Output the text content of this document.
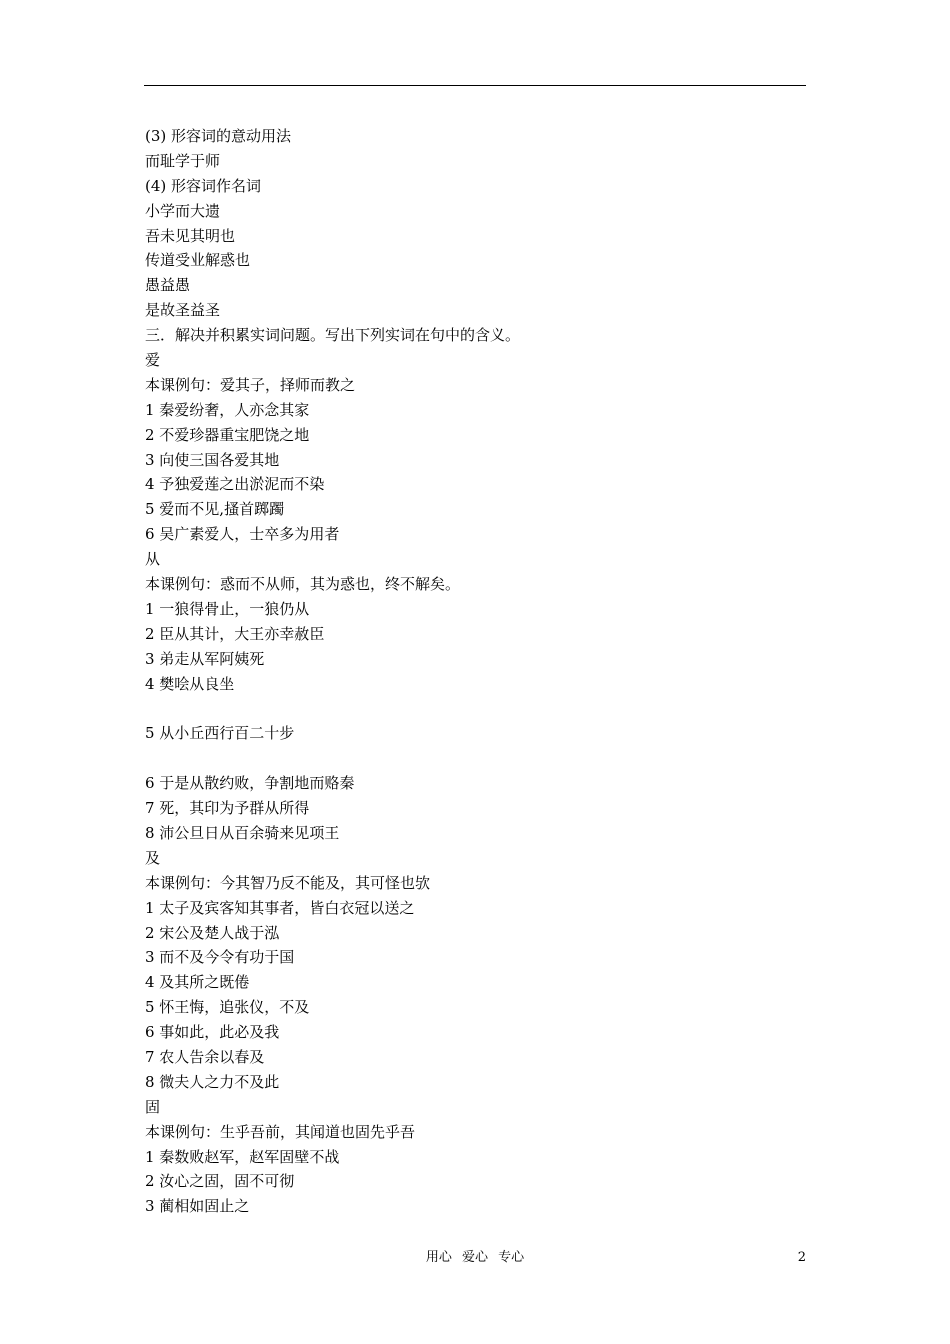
(3) 形容词的意动用法
而耻学于师
(4) 形容词作名词
小学而大遗
吾未见其明也
传道受业解惑也
愚益愚
是故圣益圣
三．解决并积累实词问题。写出下列实词在句中的含义。
爱
本课例句：爱其子，择师而教之
1 秦爱纷奢，人亦念其家
2 不爱珍器重宝肥饶之地
3 向使三国各爱其地
4 予独爱莲之出淤泥而不染
5 爱而不见,搔首踯躅
6 吴广素爱人，士卒多为用者
从
本课例句：惑而不从师，其为惑也，终不解矣。
1 一狼得骨止，一狼仍从
2 臣从其计，大王亦幸赦臣
3 弟走从军阿姨死
4 樊哙从良坐

5 从小丘西行百二十步

6 于是从散约败，争割地而赂秦
7 死，其印为予群从所得
8 沛公旦日从百余骑来见项王
及
本课例句：今其智乃反不能及，其可怪也欤
1 太子及宾客知其事者，皆白衣冠以送之
2 宋公及楚人战于泓
3 而不及今令有功于国
4 及其所之既倦
5 怀王悔，追张仪，不及
6 事如此，此必及我
7 农人告余以春及
8 微夫人之力不及此
固
本课例句：生乎吾前，其闻道也固先乎吾
1 秦数败赵军，赵军固壁不战
2 汝心之固，固不可彻
3 蔺相如固止之
用心 爱心 专心	2
